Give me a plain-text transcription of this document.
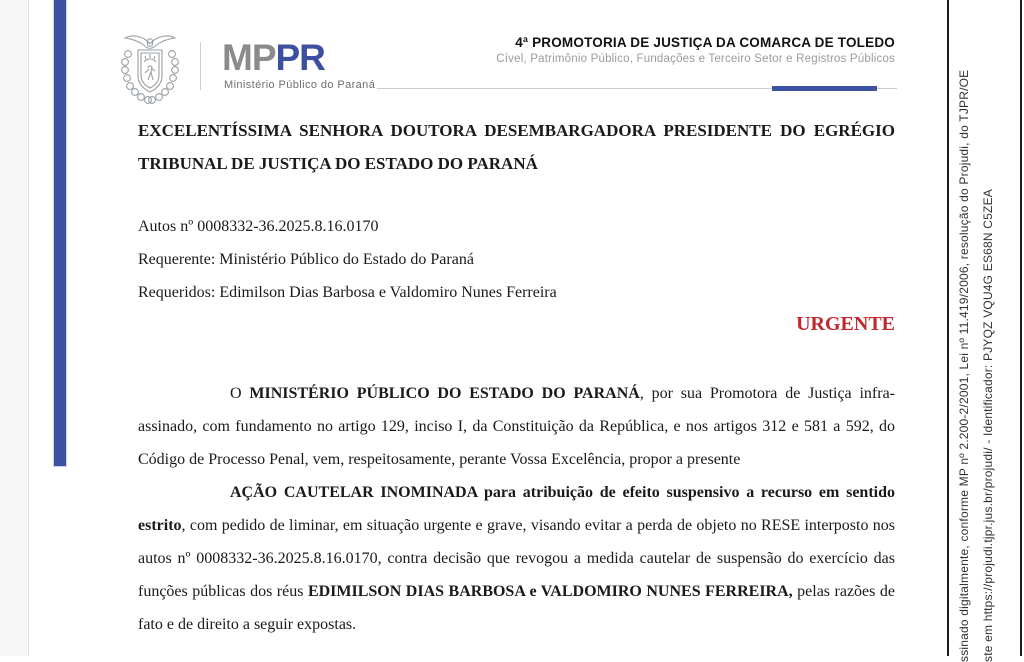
MPPR
Ministério Público do Paraná
4ª PROMOTORIA DE JUSTIÇA DA COMARCA DE TOLEDO
Cível, Patrimônio Público, Fundações e Terceiro Setor e Registros Públicos
EXCELENTÍSSIMA SENHORA DOUTORA DESEMBARGADORA PRESIDENTE DO EGRÉGIO TRIBUNAL DE JUSTIÇA DO ESTADO DO PARANÁ
Autos nº 0008332-36.2025.8.16.0170
Requerente: Ministério Público do Estado do Paraná
Requeridos: Edimilson Dias Barbosa e Valdomiro Nunes Ferreira
URGENTE

O MINISTÉRIO PÚBLICO DO ESTADO DO PARANÁ, por sua Promotora de Justiça infra-assinado, com fundamento no artigo 129, inciso I, da Constituição da República, e nos artigos 312 e 581 a 592, do Código de Processo Penal, vem, respeitosamente, perante Vossa Excelência, propor a presente

AÇÃO CAUTELAR INOMINADA para atribuição de efeito suspensivo a recurso em sentido estrito, com pedido de liminar, em situação urgente e grave, visando evitar a perda de objeto no RESE interposto nos autos nº 0008332-36.2025.8.16.0170, contra decisão que revogou a medida cautelar de suspensão do exercício das funções públicas dos réus EDIMILSON DIAS BARBOSA e VALDOMIRO NUNES FERREIRA, pelas razões de fato e de direito a seguir expostas.	ssinado digitalmente, conforme MP nº 2.200-2/2001, Lei nº 11.419/2006, resolução do Projudi, do TJPR/OE ste em https://projudi.tjpr.jus.br/projudi/ - Identificador: PJYQZ VQU4G ES68N C5ZEA
